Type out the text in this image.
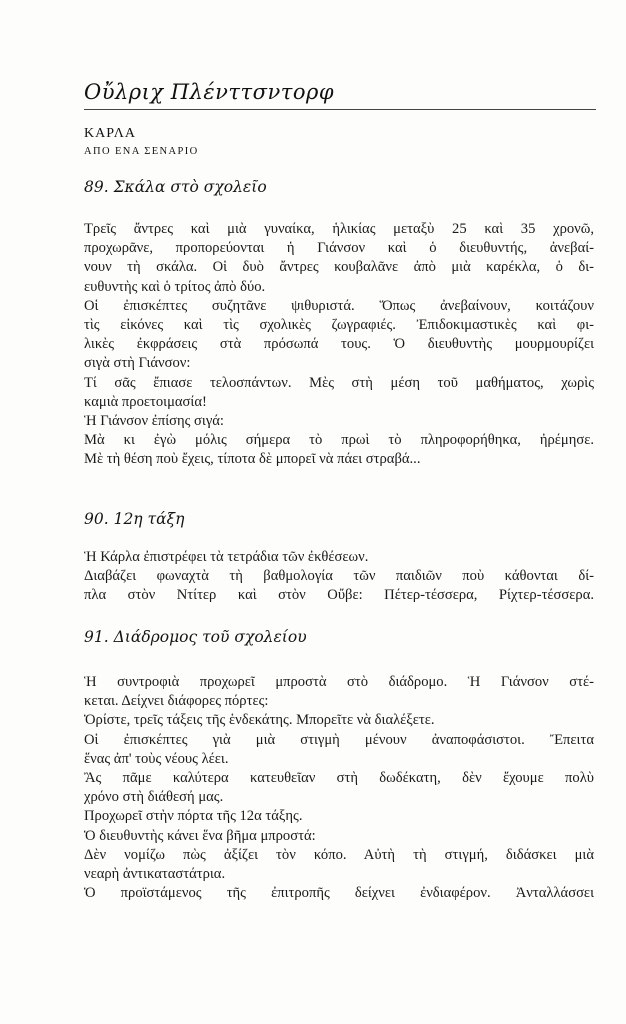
Οὔλριχ Πλένττσντορφ
ΚΑΡΛΑ
ΑΠΟ ΕΝΑ ΣΕΝΑΡΙΟ
89. Σκάλα στὸ σχολεῖο
Τρεῖς ἄντρες καὶ μιὰ γυναίκα, ἡλικίας μεταξὺ 25 καὶ 35 χρονῶ,
προχωρᾶνε, προπορεύονται ἡ Γιάνσον καὶ ὁ διευθυντής, ἀνεβαί-
νουν τὴ σκάλα. Οἱ δυὸ ἄντρες κουβαλᾶνε ἀπὸ μιὰ καρέκλα, ὁ δι-
ευθυντὴς καὶ ὁ τρίτος ἀπὸ δύο.
Οἱ ἐπισκέπτες συζητᾶνε ψιθυριστά. Ὅπως ἀνεβαίνουν, κοιτάζουν
τὶς εἰκόνες καὶ τὶς σχολικὲς ζωγραφιές. Ἐπιδοκιμαστικὲς καὶ φι-
λικὲς ἐκφράσεις στὰ πρόσωπά τους. Ὁ διευθυντὴς μουρμουρίζει
σιγὰ στὴ Γιάνσον:
Τί σᾶς ἔπιασε τελοσπάντων. Μὲς στὴ μέση τοῦ μαθήματος, χωρὶς
καμιὰ προετοιμασία!
Ἡ Γιάνσον ἐπίσης σιγά:
Μὰ κι ἐγὼ μόλις σήμερα τὸ πρωὶ τὸ πληροφορήθηκα, ἠρέμησε.
Μὲ τὴ θέση ποὺ ἔχεις, τίποτα δὲ μπορεῖ νὰ πάει στραβά...
90. 12η τάξη
Ἡ Κάρλα ἐπιστρέφει τὰ τετράδια τῶν ἐκθέσεων.
Διαβάζει φωναχτὰ τὴ βαθμολογία τῶν παιδιῶν ποὺ κάθονται δί-
πλα στὸν Ντίτερ καὶ στὸν Οὔβε: Πέτερ-τέσσερα, Ρίχτερ-τέσσερα.
91. Διάδρομος τοῦ σχολείου
Ἡ συντροφιὰ προχωρεῖ μπροστὰ στὸ διάδρομο. Ἡ Γιάνσον στέ-
κεται. Δείχνει διάφορες πόρτες:
Ὁρίστε, τρεῖς τάξεις τῆς ἑνδεκάτης. Μπορεῖτε νὰ διαλέξετε.
Οἱ ἐπισκέπτες γιὰ μιὰ στιγμὴ μένουν ἀναποφάσιστοι. Ἔπειτα
ἕνας ἀπ' τοὺς νέους λέει.
Ἂς πᾶμε καλύτερα κατευθεῖαν στὴ δωδέκατη, δὲν ἔχουμε πολὺ
χρόνο στὴ διάθεσή μας.
Προχωρεῖ στὴν πόρτα τῆς 12α τάξης.
Ὁ διευθυντὴς κάνει ἕνα βῆμα μπροστά:
Δὲν νομίζω πὼς ἀξίζει τὸν κόπο. Αὐτὴ τὴ στιγμή, διδάσκει μιὰ
νεαρὴ ἀντικαταστάτρια.
Ὁ προϊστάμενος τῆς ἐπιτροπῆς δείχνει ἐνδιαφέρον. Ἀνταλλάσσει
